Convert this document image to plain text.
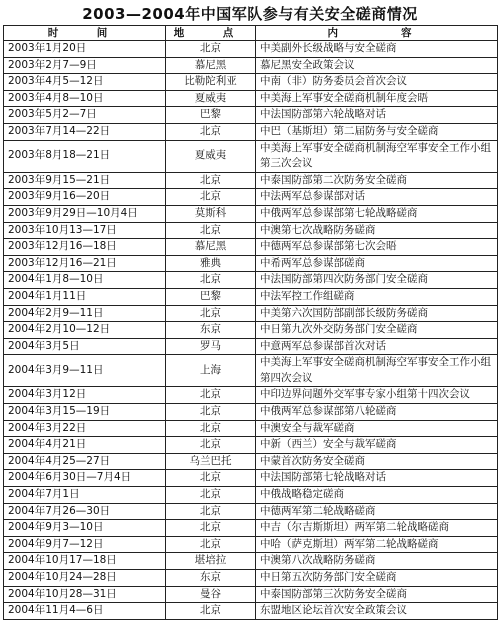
2003—2004年中国军队参与有关安全磋商情况
时　间	地　点	内　　容
2003年1月20日	北京	中美副外长级战略与安全磋商
2003年2月7—9日	慕尼黑	慕尼黑安全政策会议
2003年4月5—12日	比勒陀利亚	中南（非）防务委员会首次会议
2003年4月8—10日	夏威夷	中美海上军事安全磋商机制年度会晤
2003年5月2—7日	巴黎	中法国防部第六轮战略对话
2003年7月14—22日	北京	中巴（基斯坦）第二届防务与安全磋商
2003年8月18—21日	夏威夷	中美海上军事安全磋商机制海空军事安全工作小组第三次会议
2003年9月15—21日	北京	中泰国防部第二次防务安全磋商
2003年9月16—20日	北京	中法两军总参谋部对话
2003年9月29日—10月4日	莫斯科	中俄两军总参谋部第七轮战略磋商
2003年10月13—17日	北京	中澳第七次战略防务磋商
2003年12月16—18日	慕尼黑	中德两军总参谋部第七次会晤
2003年12月16—21日	雅典	中希两军总参谋部磋商
2004年1月8—10日	北京	中法国防部第四次防务部门安全磋商
2004年1月11日	巴黎	中法军控工作组磋商
2004年2月9—11日	北京	中美第六次国防部副部长级防务磋商
2004年2月10—12日	东京	中日第九次外交防务部门安全磋商
2004年3月5日	罗马	中意两军总参谋部首次对话
2004年3月9—11日	上海	中美海上军事安全磋商机制海空军事安全工作小组第四次会议
2004年3月12日	北京	中印边界问题外交军事专家小组第十四次会议
2004年3月15—19日	北京	中俄两军总参谋部第八轮磋商
2004年3月22日	北京	中澳安全与裁军磋商
2004年4月21日	北京	中新（西兰）安全与裁军磋商
2004年4月25—27日	乌兰巴托	中蒙首次防务安全磋商
2004年6月30日—7月4日	北京	中法国防部第七轮战略对话
2004年7月1日	北京	中俄战略稳定磋商
2004年7月26—30日	北京	中德两军第二轮战略磋商
2004年9月3—10日	北京	中吉（尔吉斯斯坦）两军第二轮战略磋商
2004年9月7—12日	北京	中哈（萨克斯坦）两军第二轮战略磋商
2004年10月17—18日	堪培拉	中澳第八次战略防务磋商
2004年10月24—28日	东京	中日第五次防务部门安全磋商
2004年10月28—31日	曼谷	中泰国防部第三次防务安全磋商
2004年11月4—6日	北京	东盟地区论坛首次安全政策会议
